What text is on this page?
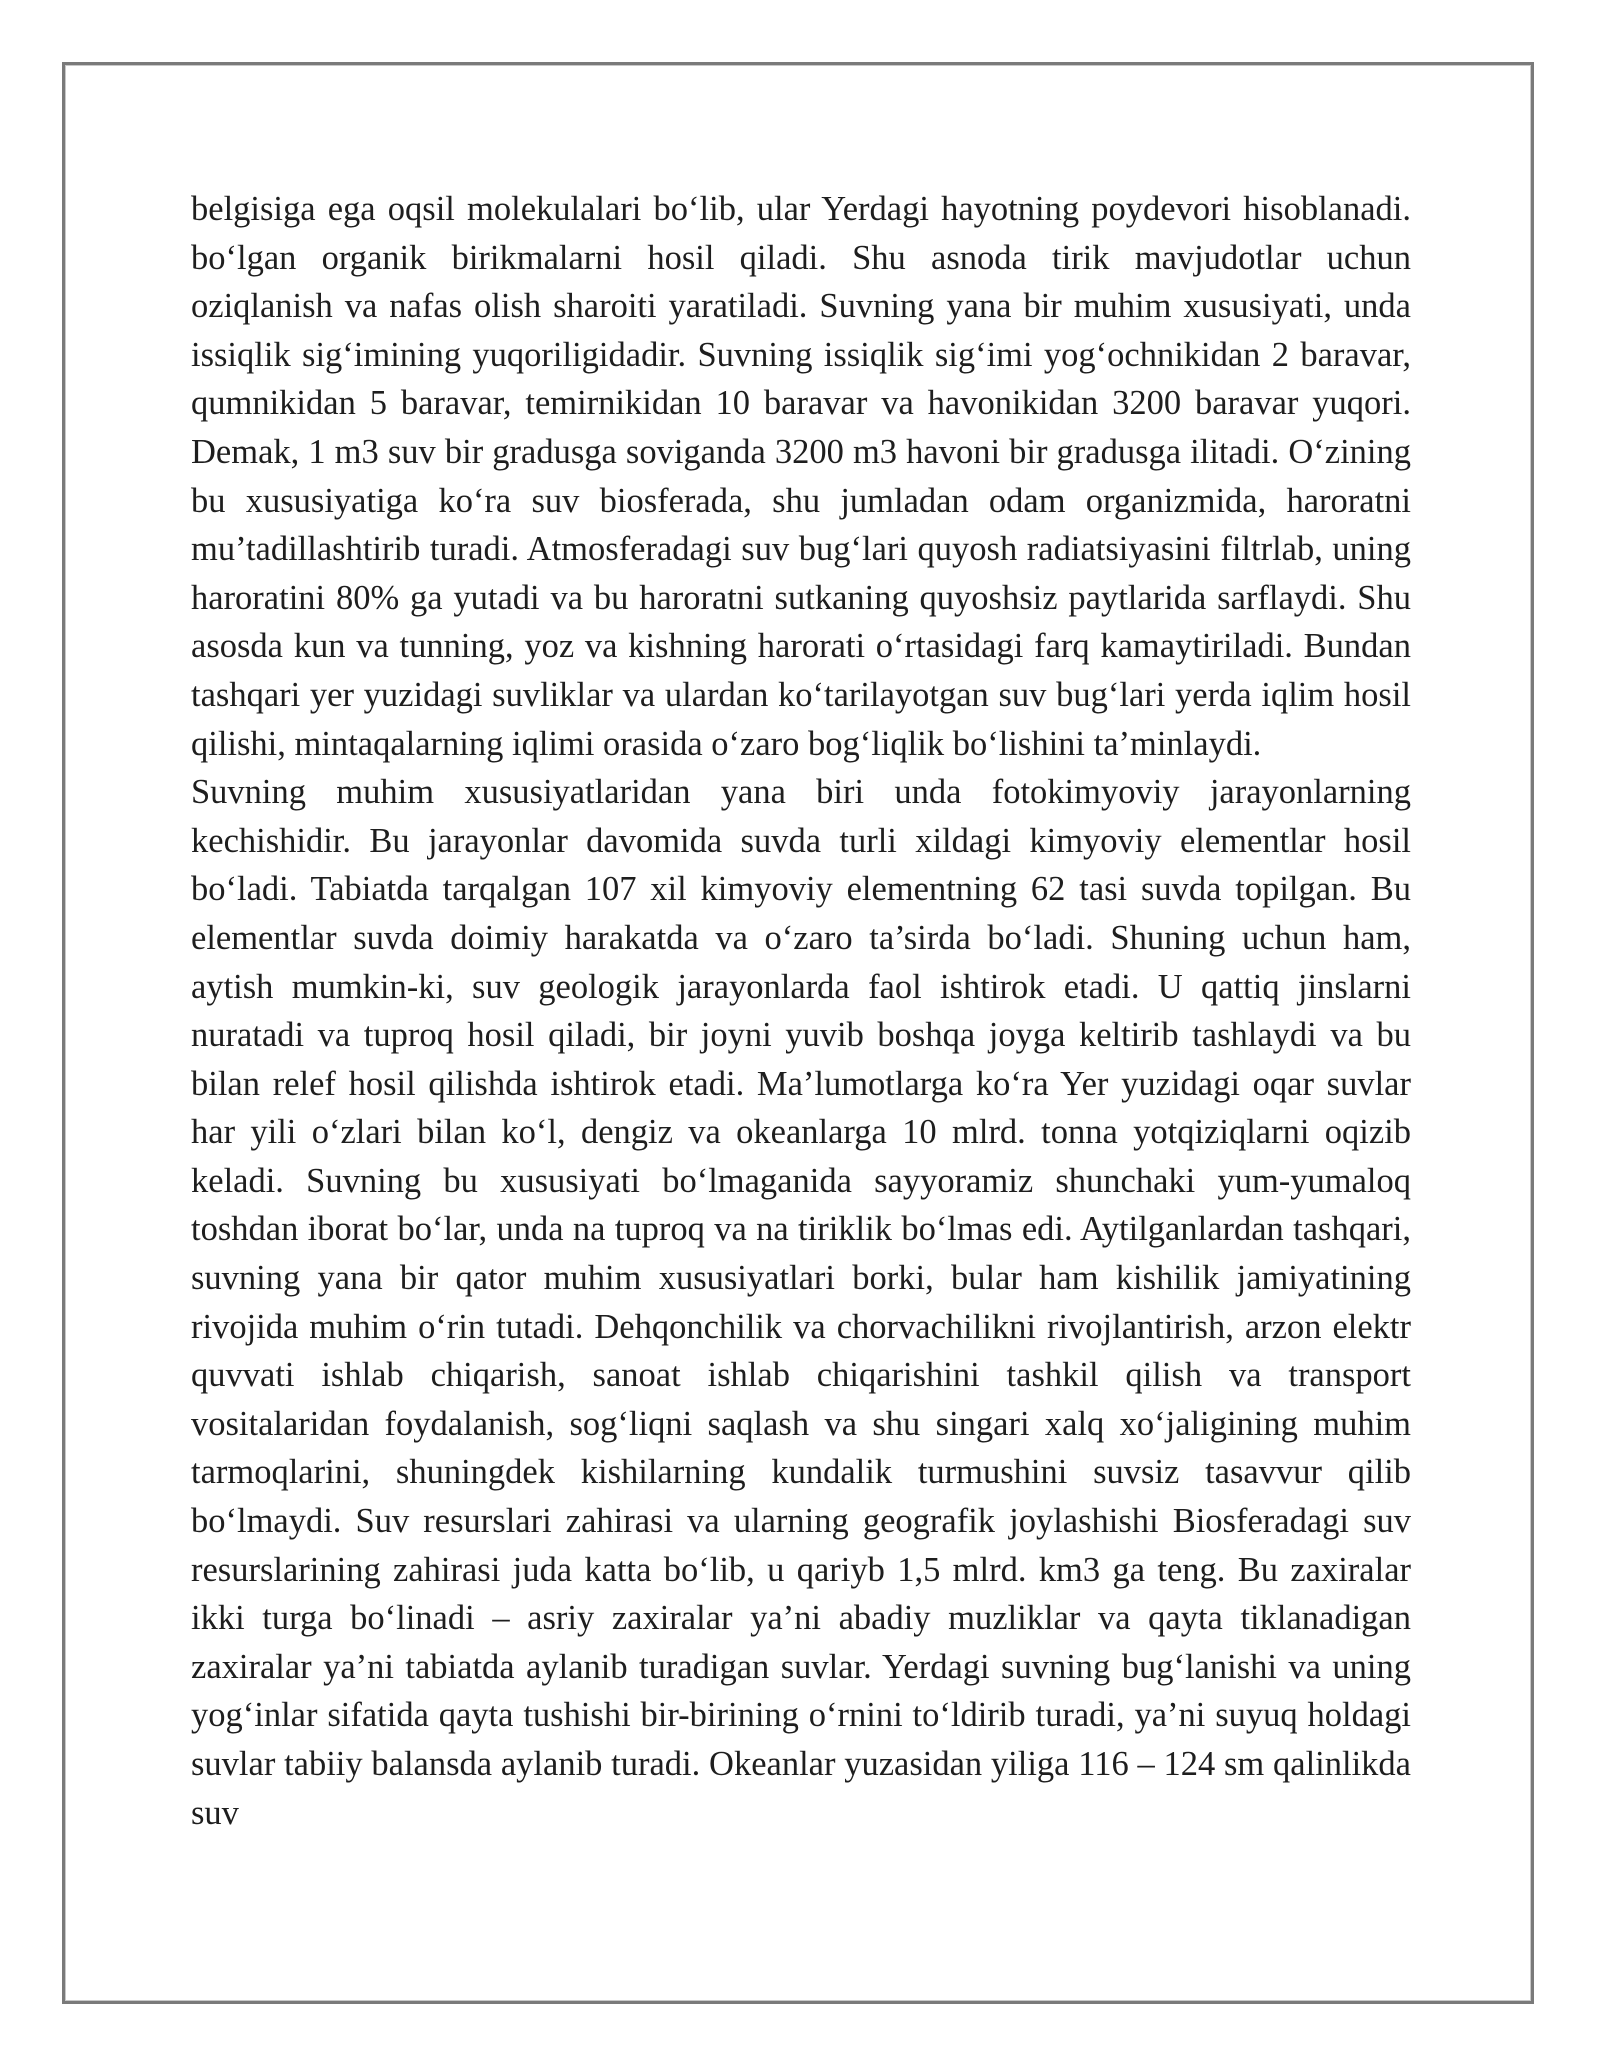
belgisiga ega oqsil molekulalari bo‘lib, ular Yerdagi hayotning poydevori hisoblanadi. bo‘lgan organik birikmalarni hosil qiladi. Shu asnoda tirik mavjudotlar uchun oziqlanish va nafas olish sharoiti yaratiladi. Suvning yana bir muhim xususiyati, unda issiqlik sig‘imining yuqoriligidadir. Suvning issiqlik sig‘imi yog‘ochnikidan 2 baravar, qumnikidan 5 baravar, temirnikidan 10 baravar va havonikidan 3200 baravar yuqori. Demak, 1 m3 suv bir gradusga soviganda 3200 m3 havoni bir gradusga ilitadi. O‘zining bu xususiyatiga ko‘ra suv biosferada, shu jumladan odam organizmida, haroratni mu’tadillashtirib turadi. Atmosferadagi suv bug‘lari quyosh radiatsiyasini filtrlab, uning haroratini 80% ga yutadi va bu haroratni sutkaning quyoshsiz paytlarida sarflaydi. Shu asosda kun va tunning, yoz va kishning harorati o‘rtasidagi farq kamaytiriladi. Bundan tashqari yer yuzidagi suvliklar va ulardan ko‘tarilayotgan suv bug‘lari yerda iqlim hosil qilishi, mintaqalarning iqlimi orasida o‘zaro bog‘liqlik bo‘lishini ta’minlaydi.

Suvning muhim xususiyatlaridan yana biri unda fotokimyoviy jarayonlarning kechishidir. Bu jarayonlar davomida suvda turli xildagi kimyoviy elementlar hosil bo‘ladi. Tabiatda tarqalgan 107 xil kimyoviy elementning 62 tasi suvda topilgan. Bu elementlar suvda doimiy harakatda va o‘zaro ta’sirda bo‘ladi. Shuning uchun ham, aytish mumkin-ki, suv geologik jarayonlarda faol ishtirok etadi. U qattiq jinslarni nuratadi va tuproq hosil qiladi, bir joyni yuvib boshqa joyga keltirib tashlaydi va bu bilan relef hosil qilishda ishtirok etadi. Ma’lumotlarga ko‘ra Yer yuzidagi oqar suvlar har yili o‘zlari bilan ko‘l, dengiz va okeanlarga 10 mlrd. tonna yotqiziqlarni oqizib keladi. Suvning bu xususiyati bo‘lmaganida sayyoramiz shunchaki yum-yumaloq toshdan iborat bo‘lar, unda na tuproq va na tiriklik bo‘lmas edi. Aytilganlardan tashqari, suvning yana bir qator muhim xususiyatlari borki, bular ham kishilik jamiyatining rivojida muhim o‘rin tutadi. Dehqonchilik va chorvachilikni rivojlantirish, arzon elektr quvvati ishlab chiqarish, sanoat ishlab chiqarishini tashkil qilish va transport vositalaridan foydalanish, sog‘liqni saqlash va shu singari xalq xo‘jaligining muhim tarmoqlarini, shuningdek kishilarning kundalik turmushini suvsiz tasavvur qilib bo‘lmaydi. Suv resurslari zahirasi va ularning geografik joylashishi Biosferadagi suv resurslarining zahirasi juda katta bo‘lib, u qariyb 1,5 mlrd. km3 ga teng. Bu zaxiralar ikki turga bo‘linadi – asriy zaxiralar ya’ni abadiy muzliklar va qayta tiklanadigan zaxiralar ya’ni tabiatda aylanib turadigan suvlar. Yerdagi suvning bug‘lanishi va uning yog‘inlar sifatida qayta tushishi bir-birining o‘rnini to‘ldirib turadi, ya’ni suyuq holdagi suvlar tabiiy balansda aylanib turadi. Okeanlar yuzasidan yiliga 116 – 124 sm qalinlikda suv
